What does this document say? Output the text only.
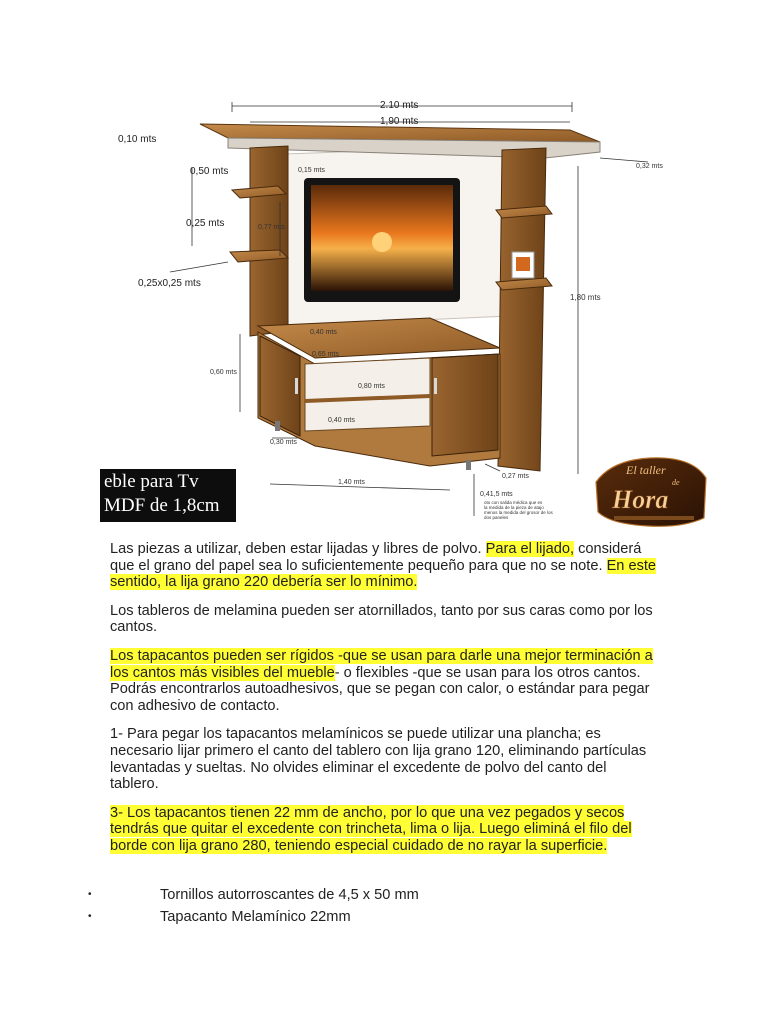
2.10 mts
1,90 mts
0,10 mts
0,50 mts	0,15 mts
0,32 mts
0,25 mts	0,77 mts
0,25x0,25 mts
1,80 mts
0,40 mts
0,60 mts
0,65 mts
0,80 mts
0,40 mts
0,30 mts
0,27 mts
1,40 mts
0,41,5 mts
oto con salida médica que es
la medida de la pieza de atajo
menos la medida del grosor de los
dos paneles
eble para Tv
MDF de 1,8cm
El taller
de
Hora

Las piezas a utilizar, deben estar lijadas y libres de polvo. Para el lijado, considerá que el grano del papel sea lo suficientemente pequeño para que no se note. En este sentido, la lija grano 220 debería ser lo mínimo.

Los tableros de melamina pueden ser atornillados, tanto por sus caras como por los cantos.

Los tapacantos pueden ser rígidos -que se usan para darle una mejor terminación a los cantos más visibles del mueble- o flexibles -que se usan para los otros cantos. Podrás encontrarlos autoadhesivos, que se pegan con calor, o estándar para pegar con adhesivo de contacto.

1- Para pegar los tapacantos melamínicos se puede utilizar una plancha; es necesario lijar primero el canto del tablero con lija grano 120, eliminando partículas levantadas y sueltas. No olvides eliminar el excedente de polvo del canto del tablero.

3- Los tapacantos tienen 22 mm de ancho, por lo que una vez pegados y secos tendrás que quitar el excedente con trincheta, lima o lija. Luego eliminá el filo del borde con lija grano 280, teniendo especial cuidado de no rayar la superficie.

•	Tornillos autorroscantes de 4,5 x 50 mm
•	Tapacanto Melamínico 22mm
